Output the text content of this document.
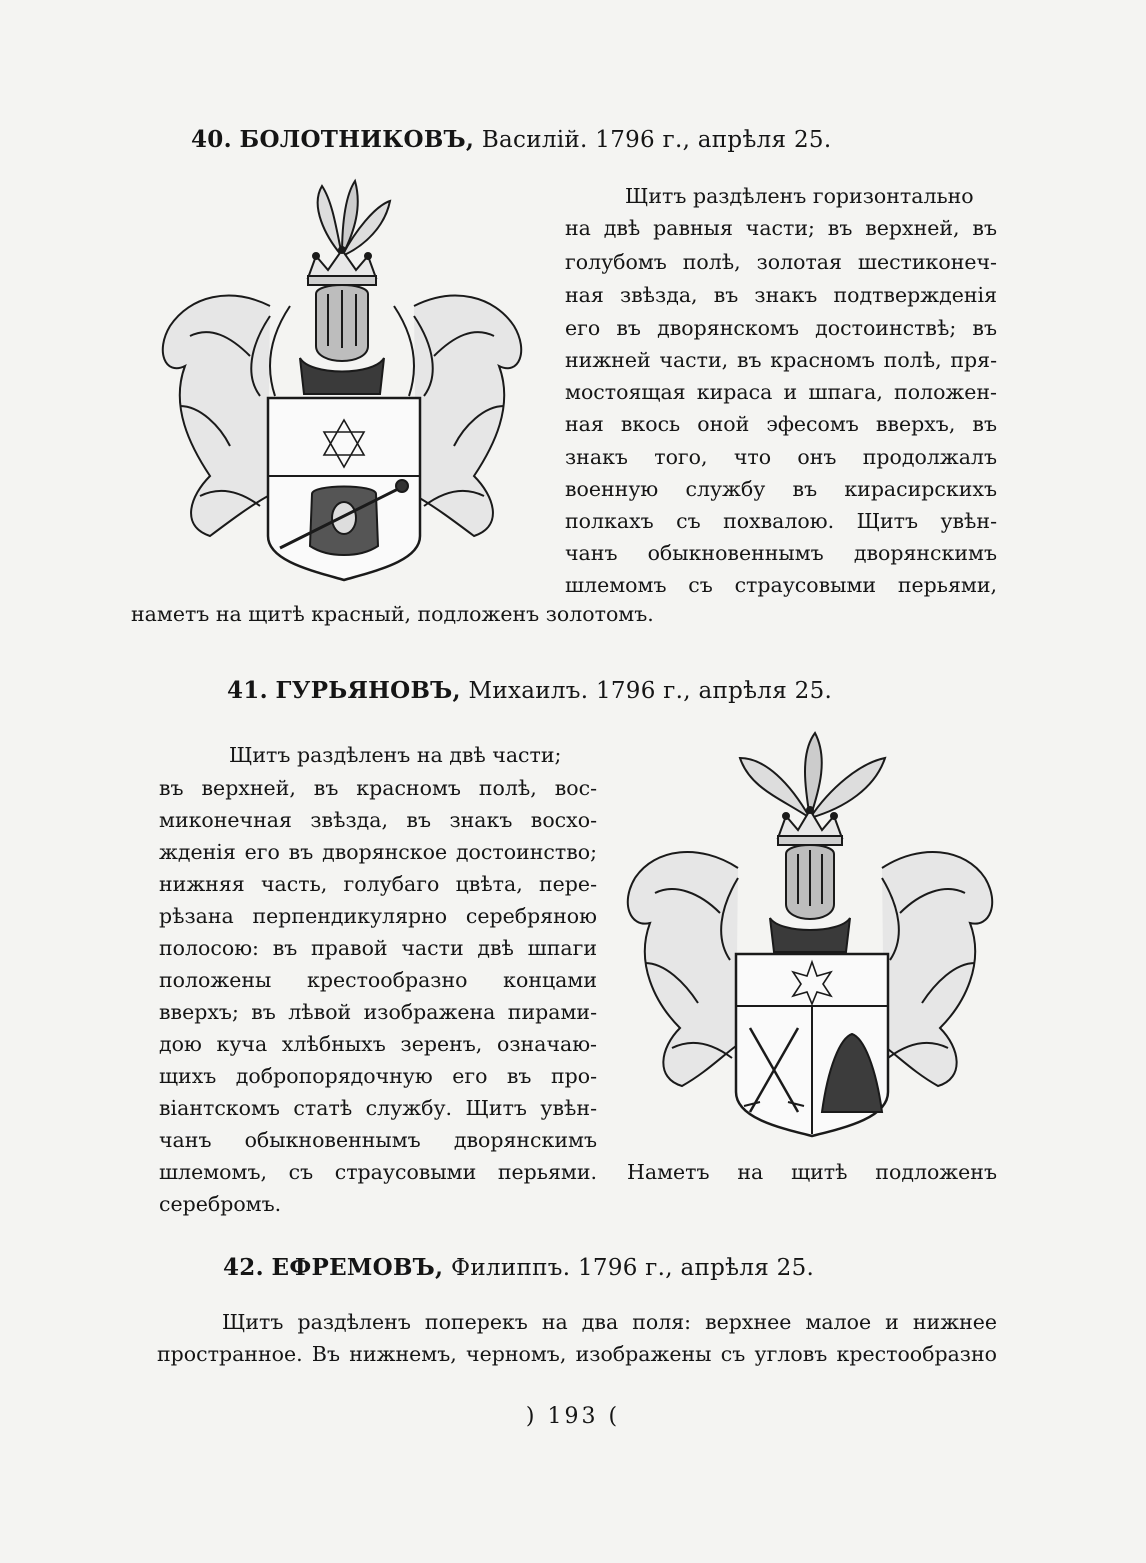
40. БОЛОТНИКОВЪ, Василій. 1796 г., апрѣля 25.

Щитъ раздѣленъ горизонтально

на двѣ равныя части; въ верхней, въ

голубомъ полѣ, золотая шестиконеч-

ная звѣзда, въ знакъ подтвержденія

его въ дворянскомъ достоинствѣ; въ

нижней части, въ красномъ полѣ, пря-

мостоящая кираса и шпага, положен-

ная вкось оной эфесомъ вверхъ, въ

знакъ того, что онъ продолжалъ

военную службу въ кирасирскихъ

полкахъ съ похвалою. Щитъ увѣн-

чанъ обыкновеннымъ дворянскимъ

шлемомъ съ страусовыми перьями,

наметъ на щитѣ красный, подложенъ золотомъ.

41. ГУРЬЯНОВЪ, Михаилъ. 1796 г., апрѣля 25.

Щитъ раздѣленъ на двѣ части;

въ верхней, въ красномъ полѣ, вос-

миконечная звѣзда, въ знакъ восхо-

жденія его въ дворянское достоинство;

нижняя часть, голубаго цвѣта, пере-

рѣзана перпендикулярно серебряною

полосою: въ правой части двѣ шпаги

положены крестообразно концами

вверхъ; въ лѣвой изображена пирами-

дою куча хлѣбныхъ зеренъ, означаю-

щихъ добропорядочную его въ про-

віантскомъ статѣ службу. Щитъ увѣн-

чанъ обыкновеннымъ дворянскимъ

шлемомъ, съ страусовыми перьями. Наметъ на щитѣ подложенъ

серебромъ.

42. ЕФРЕМОВЪ, Филиппъ. 1796 г., апрѣля 25.

Щитъ раздѣленъ поперекъ на два поля: верхнее малое и нижнее

пространное. Въ нижнемъ, черномъ, изображены съ угловъ крестообразно

) 193 (
